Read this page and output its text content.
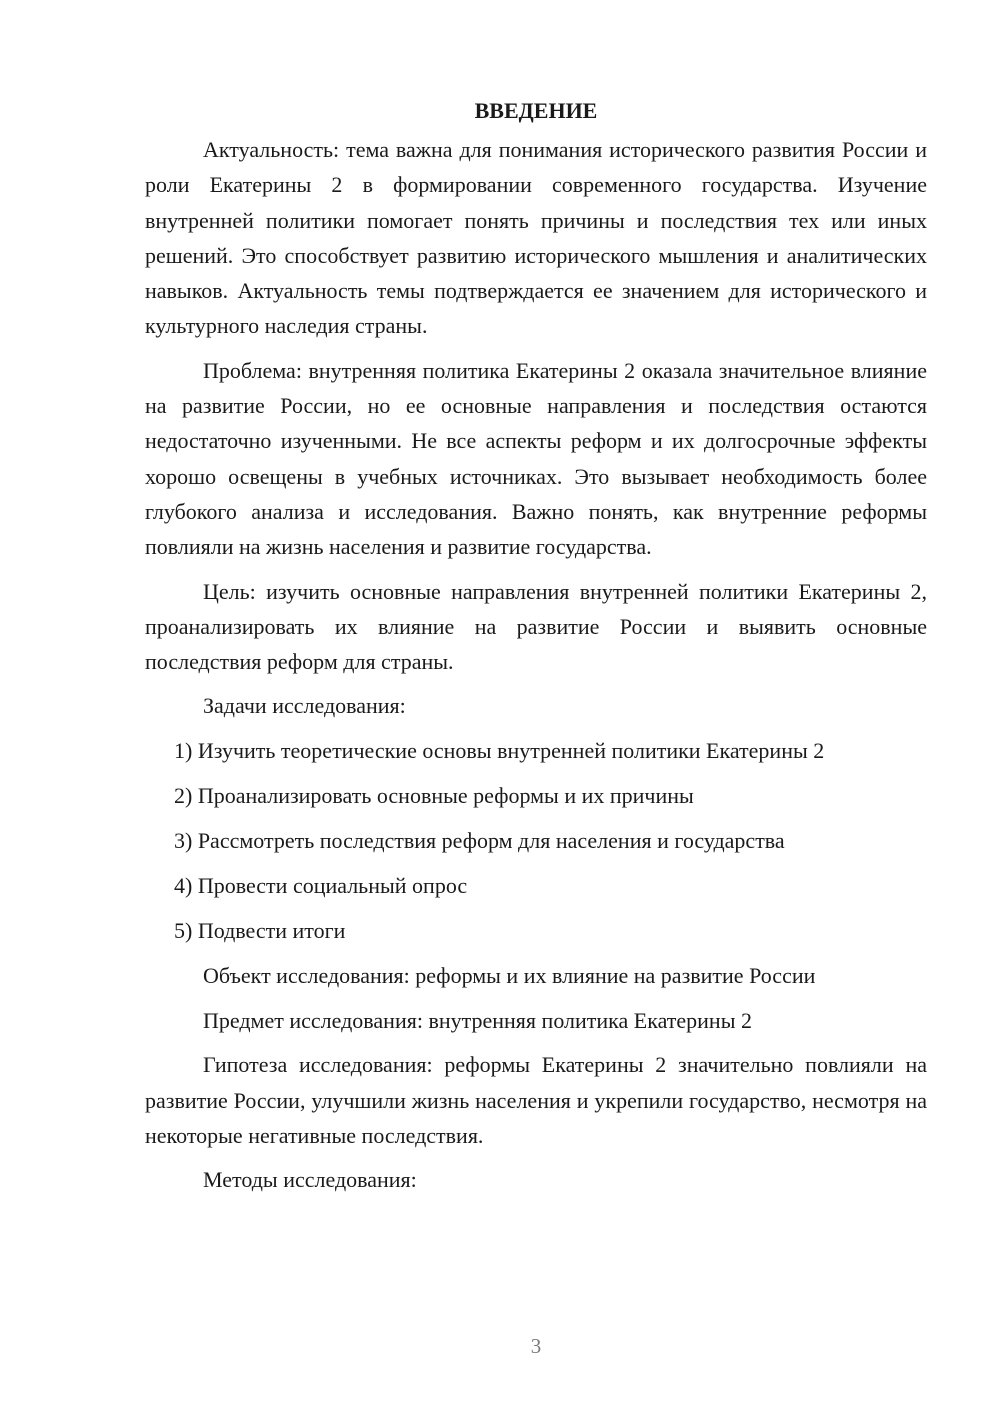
ВВЕДЕНИЕ

Актуальность: тема важна для понимания исторического развития России и роли Екатерины 2 в формировании современного государства. Изучение внутренней политики помогает понять причины и последствия тех или иных решений. Это способствует развитию исторического мышления и аналитических навыков. Актуальность темы подтверждается ее значением для исторического и культурного наследия страны.

Проблема: внутренняя политика Екатерины 2 оказала значительное влияние на развитие России, но ее основные направления и последствия остаются недостаточно изученными. Не все аспекты реформ и их долгосрочные эффекты хорошо освещены в учебных источниках. Это вызывает необходимость более глубокого анализа и исследования. Важно понять, как внутренние реформы повлияли на жизнь населения и развитие государства.

Цель: изучить основные направления внутренней политики Екатерины 2, проанализировать их влияние на развитие России и выявить основные последствия реформ для страны.

Задачи исследования:

1) Изучить теоретические основы внутренней политики Екатерины 2

2) Проанализировать основные реформы и их причины

3) Рассмотреть последствия реформ для населения и государства

4) Провести социальный опрос

5) Подвести итоги

Объект исследования: реформы и их влияние на развитие России

Предмет исследования: внутренняя политика Екатерины 2

Гипотеза исследования: реформы Екатерины 2 значительно повлияли на развитие России, улучшили жизнь населения и укрепили государство, несмотря на некоторые негативные последствия.

Методы исследования:

3
